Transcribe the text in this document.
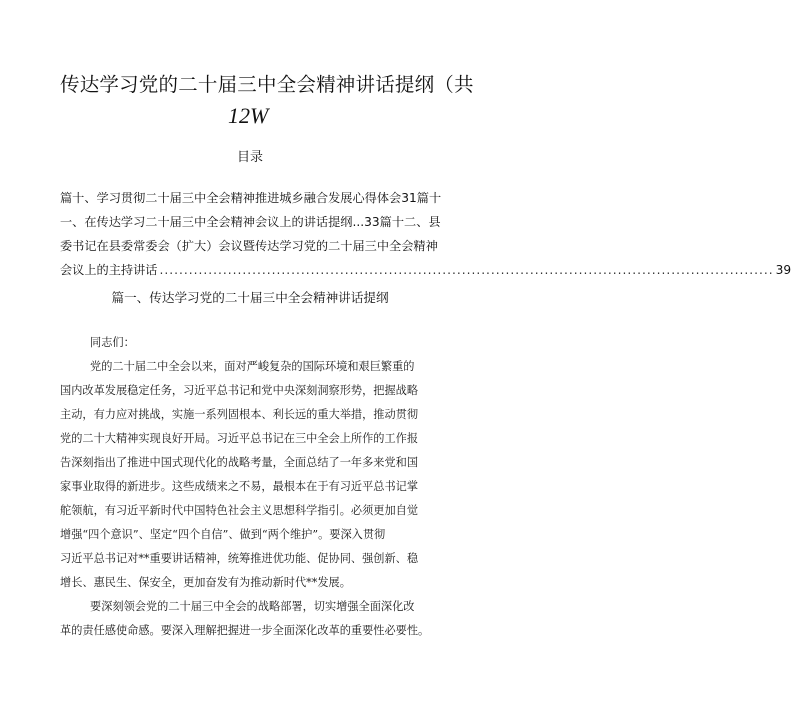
传达学习党的二十届三中全会精神讲话提纲（共
12W
目录
篇十、学习贯彻二十届三中全会精神推进城乡融合发展心得体会31篇十
一、在传达学习二十届三中全会精神会议上的讲话提纲...33篇十二、县
委书记在县委常委会（扩大）会议暨传达学习党的二十届三中全会精神
会议上的主持讲话 .............................................................................................................................. 39
篇一、传达学习党的二十届三中全会精神讲话提纲
同志们：
党的二十届二中全会以来，面对严峻复杂的国际环境和艰巨繁重的
国内改革发展稳定任务，习近平总书记和党中央深刻洞察形势，把握战略
主动，有力应对挑战，实施一系列固根本、利长远的重大举措，推动贯彻
党的二十大精神实现良好开局。习近平总书记在三中全会上所作的工作报
告深刻指出了推进中国式现代化的战略考量，全面总结了一年多来党和国
家事业取得的新进步。这些成绩来之不易，最根本在于有习近平总书记掌
舵领航，有习近平新时代中国特色社会主义思想科学指引。必须更加自觉
增强“四个意识”、坚定“四个自信”、做到“两个维护”。要深入贯彻
习近平总书记对**重要讲话精神，统筹推进优功能、促协同、强创新、稳
增长、惠民生、保安全，更加奋发有为推动新时代**发展。
要深刻领会党的二十届三中全会的战略部署，切实增强全面深化改
革的责任感使命感。要深入理解把握进一步全面深化改革的重要性必要性。
